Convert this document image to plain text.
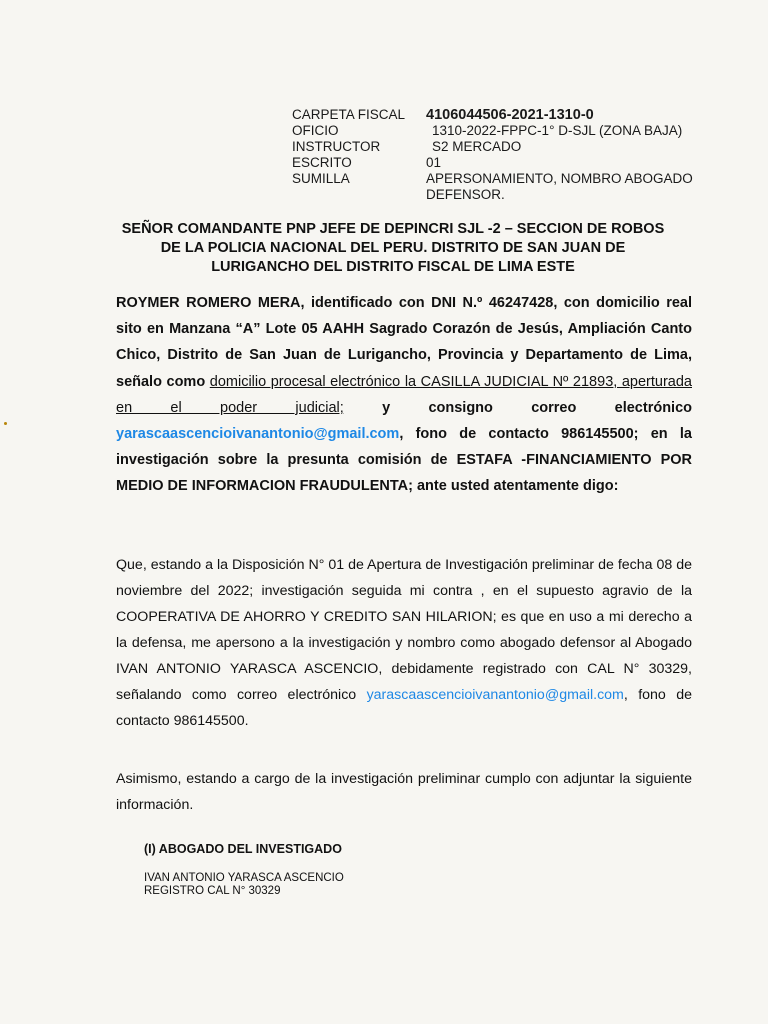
CARPETA FISCAL	4106044506-2021-1310-0
OFICIO	1310-2022-FPPC-1° D-SJL (ZONA BAJA)
INSTRUCTOR	S2 MERCADO
ESCRITO	01
SUMILLA	APERSONAMIENTO, NOMBRO ABOGADO
DEFENSOR.
SEÑOR COMANDANTE PNP JEFE DE DEPINCRI SJL -2 – SECCION DE ROBOS DE LA POLICIA NACIONAL DEL PERU. DISTRITO DE SAN JUAN DE LURIGANCHO DEL DISTRITO FISCAL DE LIMA ESTE
ROYMER ROMERO MERA, identificado con DNI N.º 46247428, con domicilio real sito en Manzana “A” Lote 05 AAHH Sagrado Corazón de Jesús, Ampliación Canto Chico, Distrito de San Juan de Lurigancho, Provincia y Departamento de Lima, señalo como domicilio procesal electrónico la CASILLA JUDICIAL Nº 21893, aperturada en el poder judicial; y consigno correo electrónico yarascaascencioivanantonio@gmail.com, fono de contacto 986145500; en la investigación sobre la presunta comisión de ESTAFA -FINANCIAMIENTO POR MEDIO DE INFORMACION FRAUDULENTA; ante usted atentamente digo:
Que, estando a la Disposición N° 01 de Apertura de Investigación preliminar de fecha 08 de noviembre del 2022; investigación seguida mi contra , en el supuesto agravio de la COOPERATIVA DE AHORRO Y CREDITO SAN HILARION; es que en uso a mi derecho a la defensa, me apersono a la investigación y nombro como abogado defensor al Abogado IVAN ANTONIO YARASCA ASCENCIO, debidamente registrado con CAL N° 30329, señalando como correo electrónico yarascaascencioivanantonio@gmail.com, fono de contacto 986145500.
Asimismo, estando a cargo de la investigación preliminar cumplo con adjuntar la siguiente información.
(I) ABOGADO DEL INVESTIGADO
IVAN ANTONIO YARASCA ASCENCIO
REGISTRO CAL N° 30329
